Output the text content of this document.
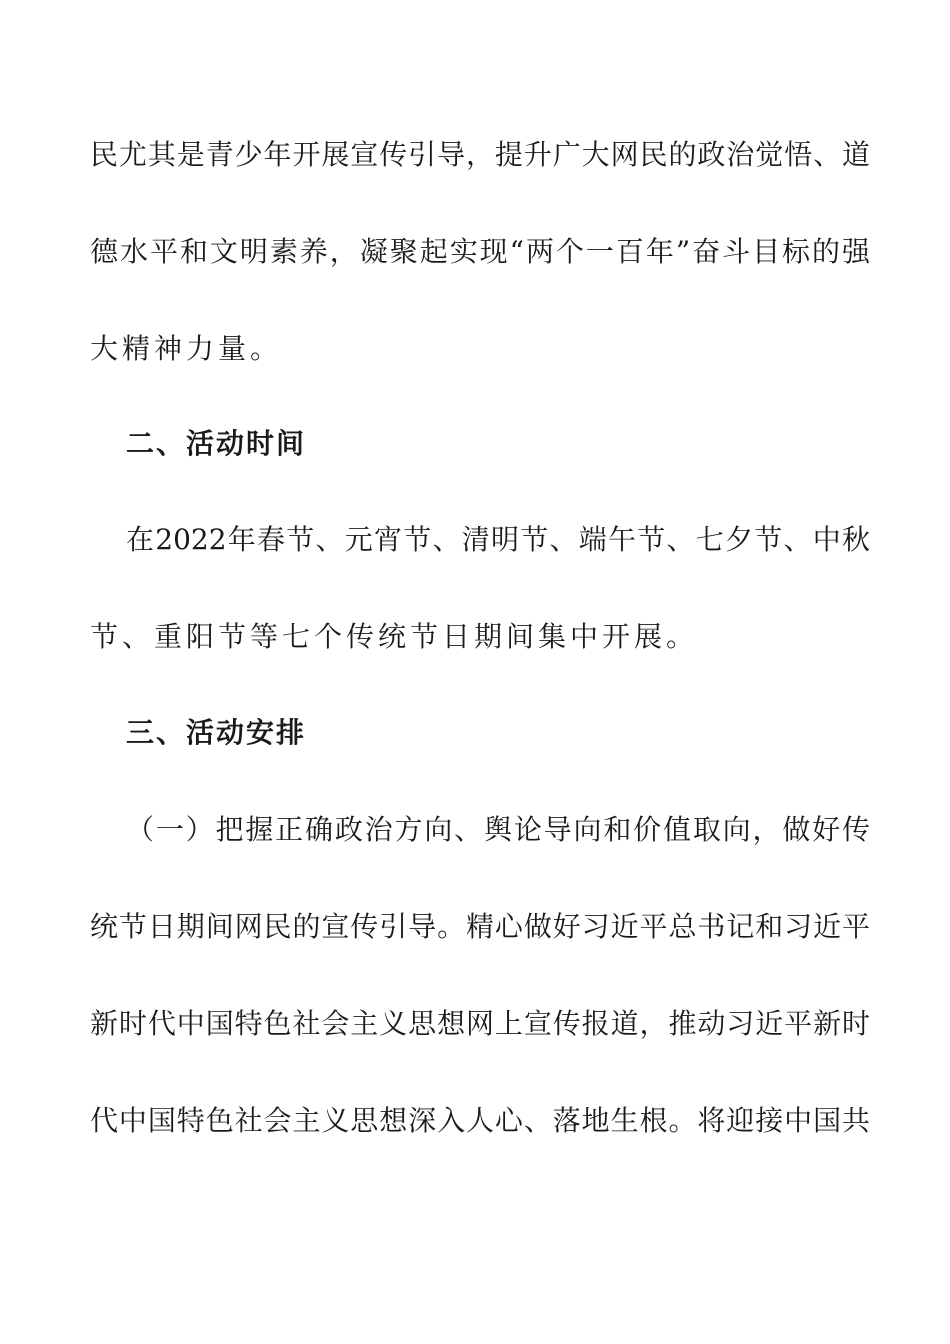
民尤其是青少年开展宣传引导，提升广大网民的政治觉悟、道
德水平和文明素养，凝聚起实现“两个一百年”奋斗目标的强
大精神力量。
二、活动时间
在2022年春节、元宵节、清明节、端午节、七夕节、中秋
节、重阳节等七个传统节日期间集中开展。
三、活动安排
（一）把握正确政治方向、舆论导向和价值取向，做好传
统节日期间网民的宣传引导。精心做好习近平总书记和习近平
新时代中国特色社会主义思想网上宣传报道，推动习近平新时
代中国特色社会主义思想深入人心、落地生根。将迎接中国共
